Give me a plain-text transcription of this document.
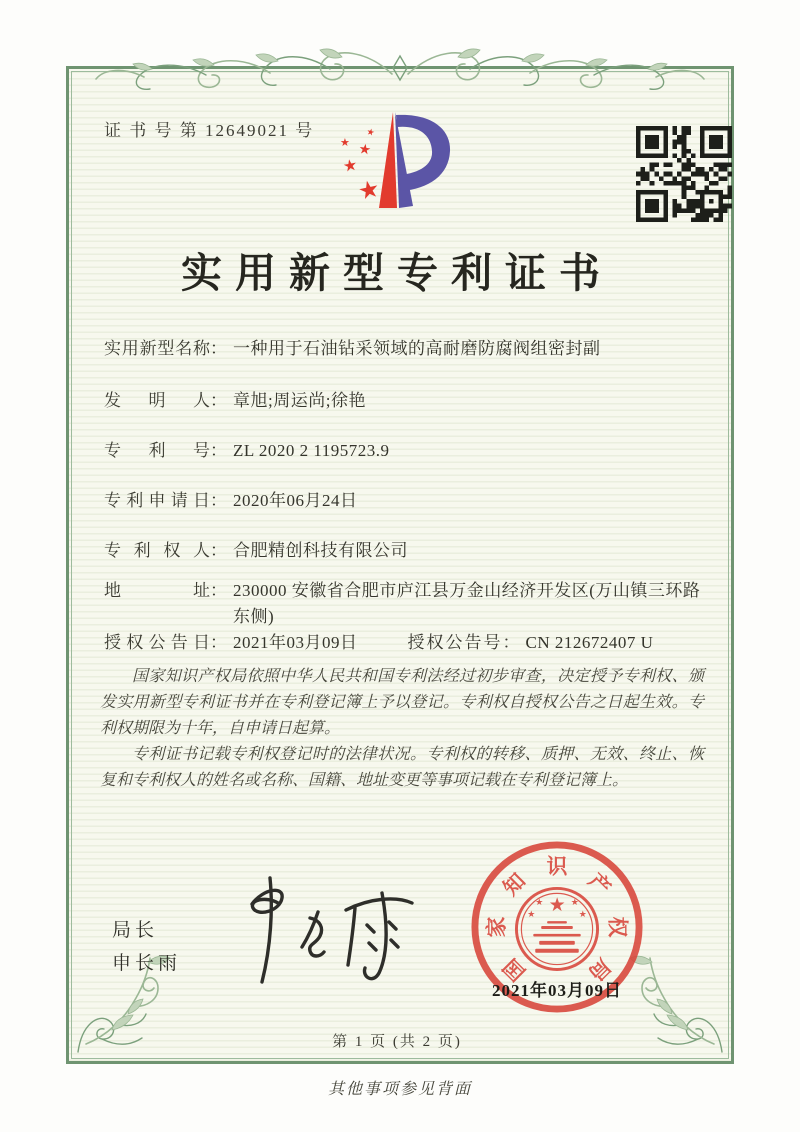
证 书 号 第 12649021 号
★
★
★
★
★
实用新型专利证书
实用新型名称 ： 一种用于石油钻采领域的高耐磨防腐阀组密封副
发明人 ： 章旭;周运尚;徐艳
专利号 ： ZL 2020 2 1195723.9
专利申请日 ： 2020年06月24日
专利权人 ： 合肥精创科技有限公司
地址 ： 230000 安徽省合肥市庐江县万金山经济开发区(万山镇三环路东侧)
授权公告日 ： 2021年03月09日	授权公告号 ： CN 212672407 U

国家知识产权局依照中华人民共和国专利法经过初步审查，决定授予专利权、颁发实用新型专利证书并在专利登记簿上予以登记。专利权自授权公告之日起生效。专利权期限为十年，自申请日起算。

专利证书记载专利权登记时的法律状况。专利权的转移、质押、无效、终止、恢复和专利权人的姓名或名称、国籍、地址变更等事项记载在专利登记簿上。

局长
申长雨	国
家
知
识
产
权
局
★
★	★
★	★
2021年03月09日
第 1 页 (共 2 页)
其他事项参见背面
